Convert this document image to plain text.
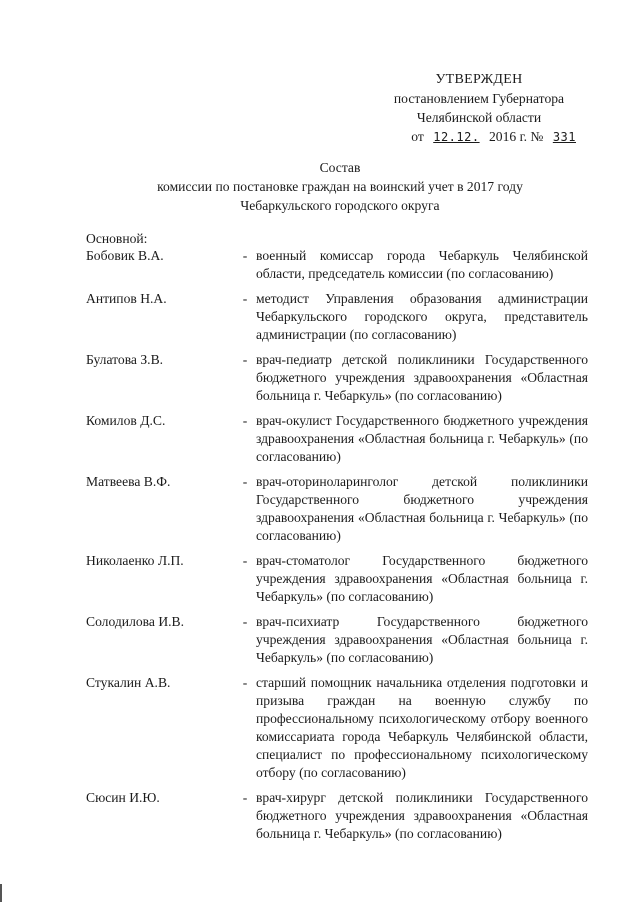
УТВЕРЖДЕН
постановлением Губернатора
Челябинской области
от 12.12. 2016 г. № 331
Состав
комиссии по постановке граждан на воинский учет в 2017 году
Чебаркульского городского округа
Основной:
Бобовик В.А.	- военный комиссар города Чебаркуль Челябинской области, председатель комиссии (по согласованию)
Антипов Н.А.	- методист Управления образования администрации Чебаркульского городского округа, представитель администрации (по согласованию)
Булатова З.В.	- врач-педиатр детской поликлиники Государственного бюджетного учреждения здравоохранения «Областная больница г. Чебаркуль» (по согласованию)
Комилов Д.С.	- врач-окулист Государственного бюджетного учреждения здравоохранения «Областная больница г. Чебаркуль» (по согласованию)
Матвеева В.Ф.	- врач-оториноларинголог детской поликлиники Государственного бюджетного учреждения здравоохранения «Областная больница г. Чебаркуль» (по согласованию)
Николаенко Л.П.	- врач-стоматолог Государственного бюджетного учреждения здравоохранения «Областная больница г. Чебаркуль» (по согласованию)
Солодилова И.В.	- врач-психиатр Государственного бюджетного учреждения здравоохранения «Областная больница г. Чебаркуль» (по согласованию)
Стукалин А.В.	- старший помощник начальника отделения подготовки и призыва граждан на военную службу по профессиональному психологическому отбору военного комиссариата города Чебаркуль Челябинской области, специалист по профессиональному психологическому отбору (по согласованию)
Сюсин И.Ю.	- врач-хирург детской поликлиники Государственного бюджетного учреждения здравоохранения «Областная больница г. Чебаркуль» (по согласованию)
